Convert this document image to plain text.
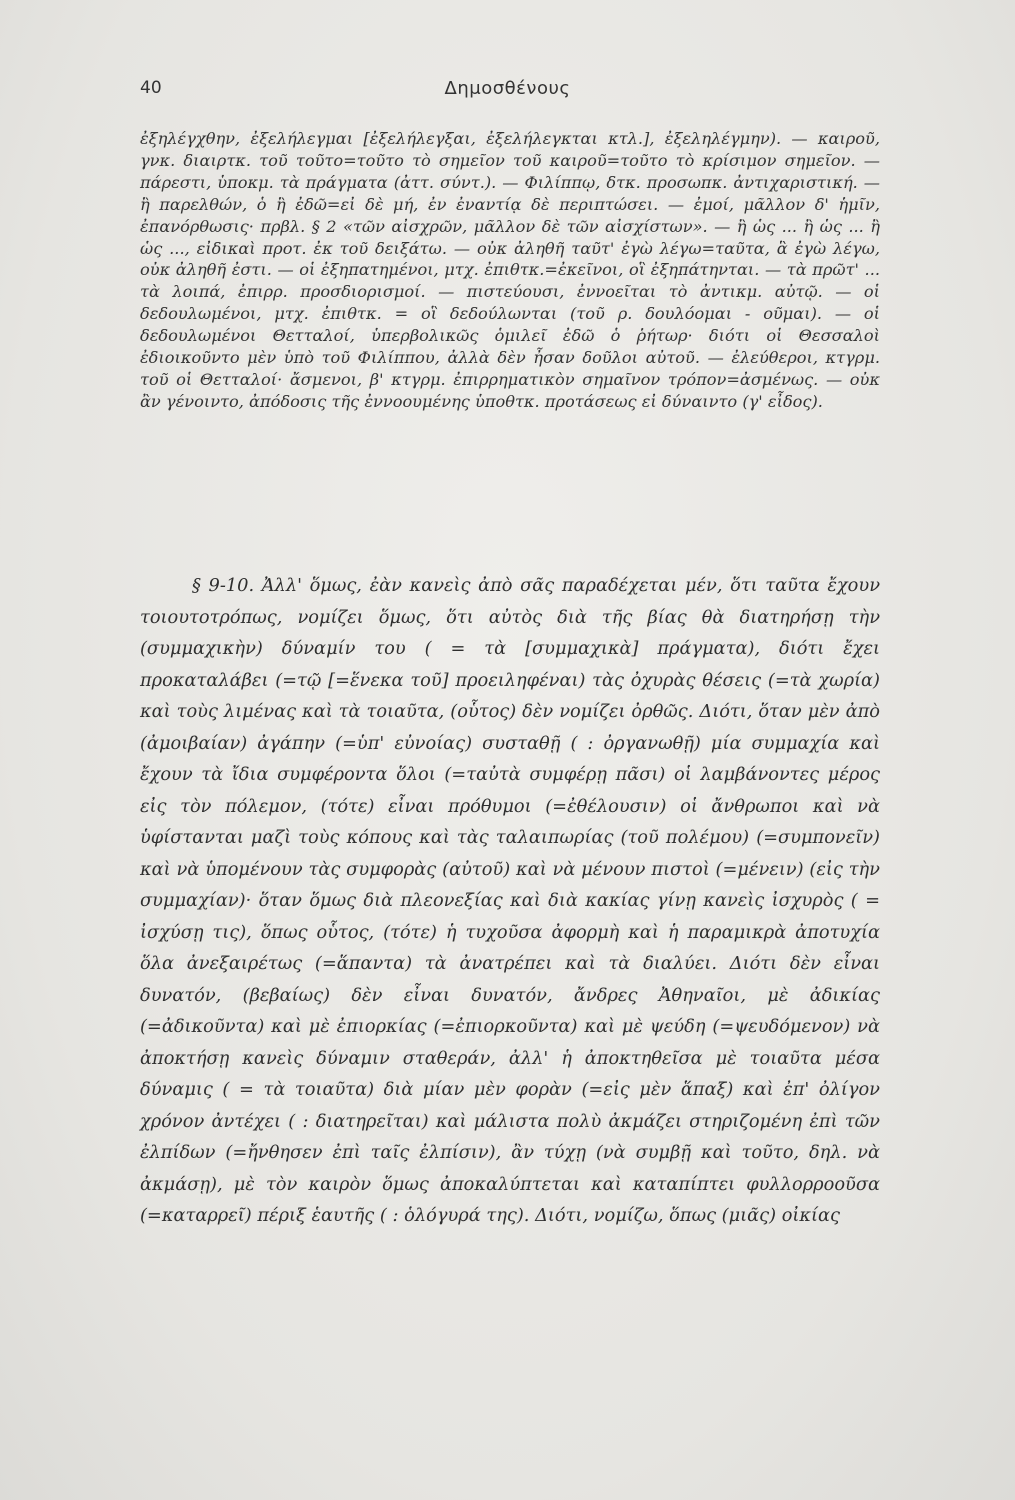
40	Δημοσθένους

ἐξηλέγχθην, ἐξελήλεγμαι [ἐξελήλεγξαι, ἐξελήλεγκται κτλ.], ἐξεληλέγμην). — καιροῦ, γνκ. διαιρτκ. τοῦ τοῦτο=τοῦτο τὸ σημεῖον τοῦ καιροῦ=τοῦτο τὸ κρίσιμον σημεῖον. — πάρεστι, ὑποκμ. τὰ πράγματα (ἀττ. σύντ.). — Φιλίππῳ, δτκ. προσωπκ. ἀντιχαριστική. — ἢ παρελθών, ὁ ἢ ἐδῶ=εἰ δὲ μή, ἐν ἐναντίᾳ δὲ περιπτώσει. — ἐμοί, μᾶλλον δ' ἡμῖν, ἐπανόρθωσις· πρβλ. § 2 «τῶν αἰσχρῶν, μᾶλλον δὲ τῶν αἰσχίστων». — ἢ ὡς ... ἢ ὡς ... ἢ ὡς ..., εἰδικαὶ προτ. ἐκ τοῦ δειξάτω. — οὐκ ἀληθῆ ταῦτ' ἐγὼ λέγω=ταῦτα, ἃ ἐγὼ λέγω, οὐκ ἀληθῆ ἐστι. — οἱ ἐξηπατημένοι, μτχ. ἐπιθτκ.=ἐκεῖνοι, οἳ ἐξηπάτηνται. — τὰ πρῶτ' ... τὰ λοιπά, ἐπιρρ. προσδιορισμοί. — πιστεύουσι, ἐννοεῖται τὸ ἀντικμ. αὐτῷ. — οἱ δεδουλωμένοι, μτχ. ἐπιθτκ. = οἳ δεδούλωνται (τοῦ ρ. δουλόομαι - οῦμαι). — οἱ δεδουλωμένοι Θετταλοί, ὑπερβολικῶς ὁμιλεῖ ἐδῶ ὁ ῥήτωρ· διότι οἱ Θεσσαλοὶ ἐδιοικοῦντο μὲν ὑπὸ τοῦ Φιλίππου, ἀλλὰ δὲν ἦσαν δοῦλοι αὐτοῦ. — ἐλεύθεροι, κτγρμ. τοῦ οἱ Θετταλοί· ἄσμενοι, β' κτγρμ. ἐπιρρηματικὸν σημαῖνον τρόπον=ἀσμένως. — οὐκ ἂν γένοιντο, ἀπόδοσις τῆς ἐννοουμένης ὑποθτκ. προτάσεως εἰ δύναιντο (γ' εἶδος).

§ 9-10. Ἀλλ' ὅμως, ἐὰν κανεὶς ἀπὸ σᾶς παραδέχεται μέν, ὅτι ταῦτα ἔχουν τοιουτοτρόπως, νομίζει ὅμως, ὅτι αὐτὸς διὰ τῆς βίας θὰ διατηρήσῃ τὴν (συμμαχικὴν) δύναμίν του ( = τὰ [συμμαχικὰ] πράγματα), διότι ἔχει προκαταλάβει (=τῷ [=ἕνεκα τοῦ] προειληφέναι) τὰς ὀχυρὰς θέσεις (=τὰ χωρία) καὶ τοὺς λιμένας καὶ τὰ τοιαῦτα, (οὗτος) δὲν νομίζει ὀρθῶς. Διότι, ὅταν μὲν ἀπὸ (ἀμοιβαίαν) ἀγάπην (=ὑπ' εὐνοίας) συσταθῇ ( : ὀργανωθῇ) μία συμμαχία καὶ ἔχουν τὰ ἴδια συμφέροντα ὅλοι (=ταὐτὰ συμφέρῃ πᾶσι) οἱ λαμβάνοντες μέρος εἰς τὸν πόλεμον, (τότε) εἶναι πρόθυμοι (=ἐθέλουσιν) οἱ ἄνθρωποι καὶ νὰ ὑφίστανται μαζὶ τοὺς κόπους καὶ τὰς ταλαιπωρίας (τοῦ πολέμου) (=συμπονεῖν) καὶ νὰ ὑπομένουν τὰς συμφορὰς (αὐτοῦ) καὶ νὰ μένουν πιστοὶ (=μένειν) (εἰς τὴν συμμαχίαν)· ὅταν ὅμως διὰ πλεονεξίας καὶ διὰ κακίας γίνῃ κανεὶς ἰσχυρὸς ( = ἰσχύσῃ τις), ὅπως οὗτος, (τότε) ἡ τυχοῦσα ἀφορμὴ καὶ ἡ παραμικρὰ ἀποτυχία ὅλα ἀνεξαιρέτως (=ἅπαντα) τὰ ἀνατρέπει καὶ τὰ διαλύει. Διότι δὲν εἶναι δυνατόν, (βεβαίως) δὲν εἶναι δυνατόν, ἄνδρες Ἀθηναῖοι, μὲ ἀδικίας (=ἀδικοῦντα) καὶ μὲ ἐπιορκίας (=ἐπιορκοῦντα) καὶ μὲ ψεύδη (=ψευδόμενον) νὰ ἀποκτήσῃ κανεὶς δύναμιν σταθεράν, ἀλλ' ἡ ἀποκτηθεῖσα μὲ τοιαῦτα μέσα δύναμις ( = τὰ τοιαῦτα) διὰ μίαν μὲν φορὰν (=εἰς μὲν ἅπαξ) καὶ ἐπ' ὀλίγον χρόνον ἀντέχει ( : διατηρεῖται) καὶ μάλιστα πολὺ ἀκμάζει στηριζομένη ἐπὶ τῶν ἐλπίδων (=ἤνθησεν ἐπὶ ταῖς ἐλπίσιν), ἂν τύχῃ (νὰ συμβῇ καὶ τοῦτο, δηλ. νὰ ἀκμάσῃ), μὲ τὸν καιρὸν ὅμως ἀποκαλύπτεται καὶ καταπίπτει φυλλορροοῦσα (=καταρρεῖ) πέριξ ἑαυτῆς ( : ὁλόγυρά της). Διότι, νομίζω, ὅπως (μιᾶς) οἰκίας
